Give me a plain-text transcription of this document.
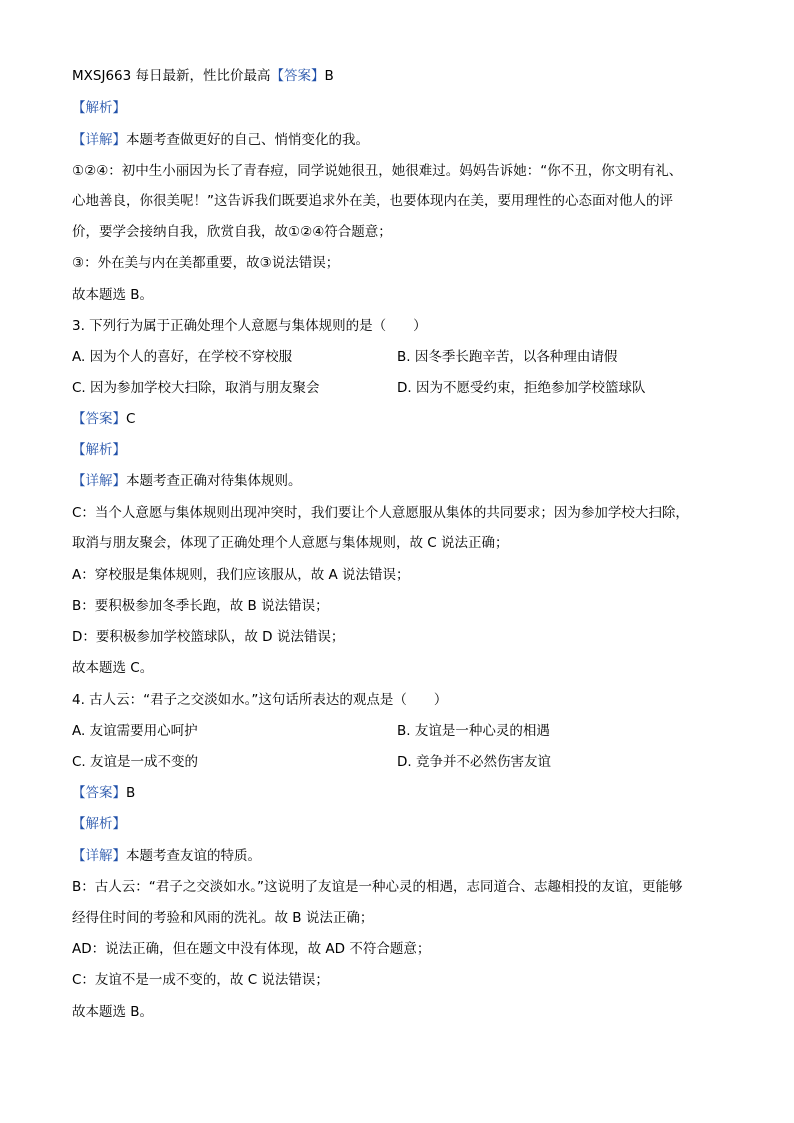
MXSJ663 每日最新，性比价最高【答案】B
【解析】
【详解】本题考查做更好的自己、悄悄变化的我。
①②④：初中生小丽因为长了青春痘，同学说她很丑，她很难过。妈妈告诉她：“你不丑，你文明有礼、
心地善良，你很美呢！”这告诉我们既要追求外在美，也要体现内在美，要用理性的心态面对他人的评
价，要学会接纳自我，欣赏自我，故①②④符合题意；
③：外在美与内在美都重要，故③说法错误；
故本题选 B。
3. 下列行为属于正确处理个人意愿与集体规则的是（　　）
A. 因为个人的喜好，在学校不穿校服	B. 因冬季长跑辛苦，以各种理由请假
C. 因为参加学校大扫除，取消与朋友聚会	D. 因为不愿受约束，拒绝参加学校篮球队
【答案】C
【解析】
【详解】本题考查正确对待集体规则。
C：当个人意愿与集体规则出现冲突时，我们要让个人意愿服从集体的共同要求；因为参加学校大扫除，
取消与朋友聚会，体现了正确处理个人意愿与集体规则，故 C 说法正确；
A：穿校服是集体规则，我们应该服从，故 A 说法错误；
B：要积极参加冬季长跑，故 B 说法错误；
D：要积极参加学校篮球队，故 D 说法错误；
故本题选 C。
4. 古人云：“君子之交淡如水。”这句话所表达的观点是（　　）
A. 友谊需要用心呵护	B. 友谊是一种心灵的相遇
C. 友谊是一成不变的	D. 竞争并不必然伤害友谊
【答案】B
【解析】
【详解】本题考查友谊的特质。
B：古人云：“君子之交淡如水。”这说明了友谊是一种心灵的相遇，志同道合、志趣相投的友谊，更能够
经得住时间的考验和风雨的洗礼。故 B 说法正确；
AD：说法正确，但在题文中没有体现，故 AD 不符合题意；
C：友谊不是一成不变的，故 C 说法错误；
故本题选 B。
